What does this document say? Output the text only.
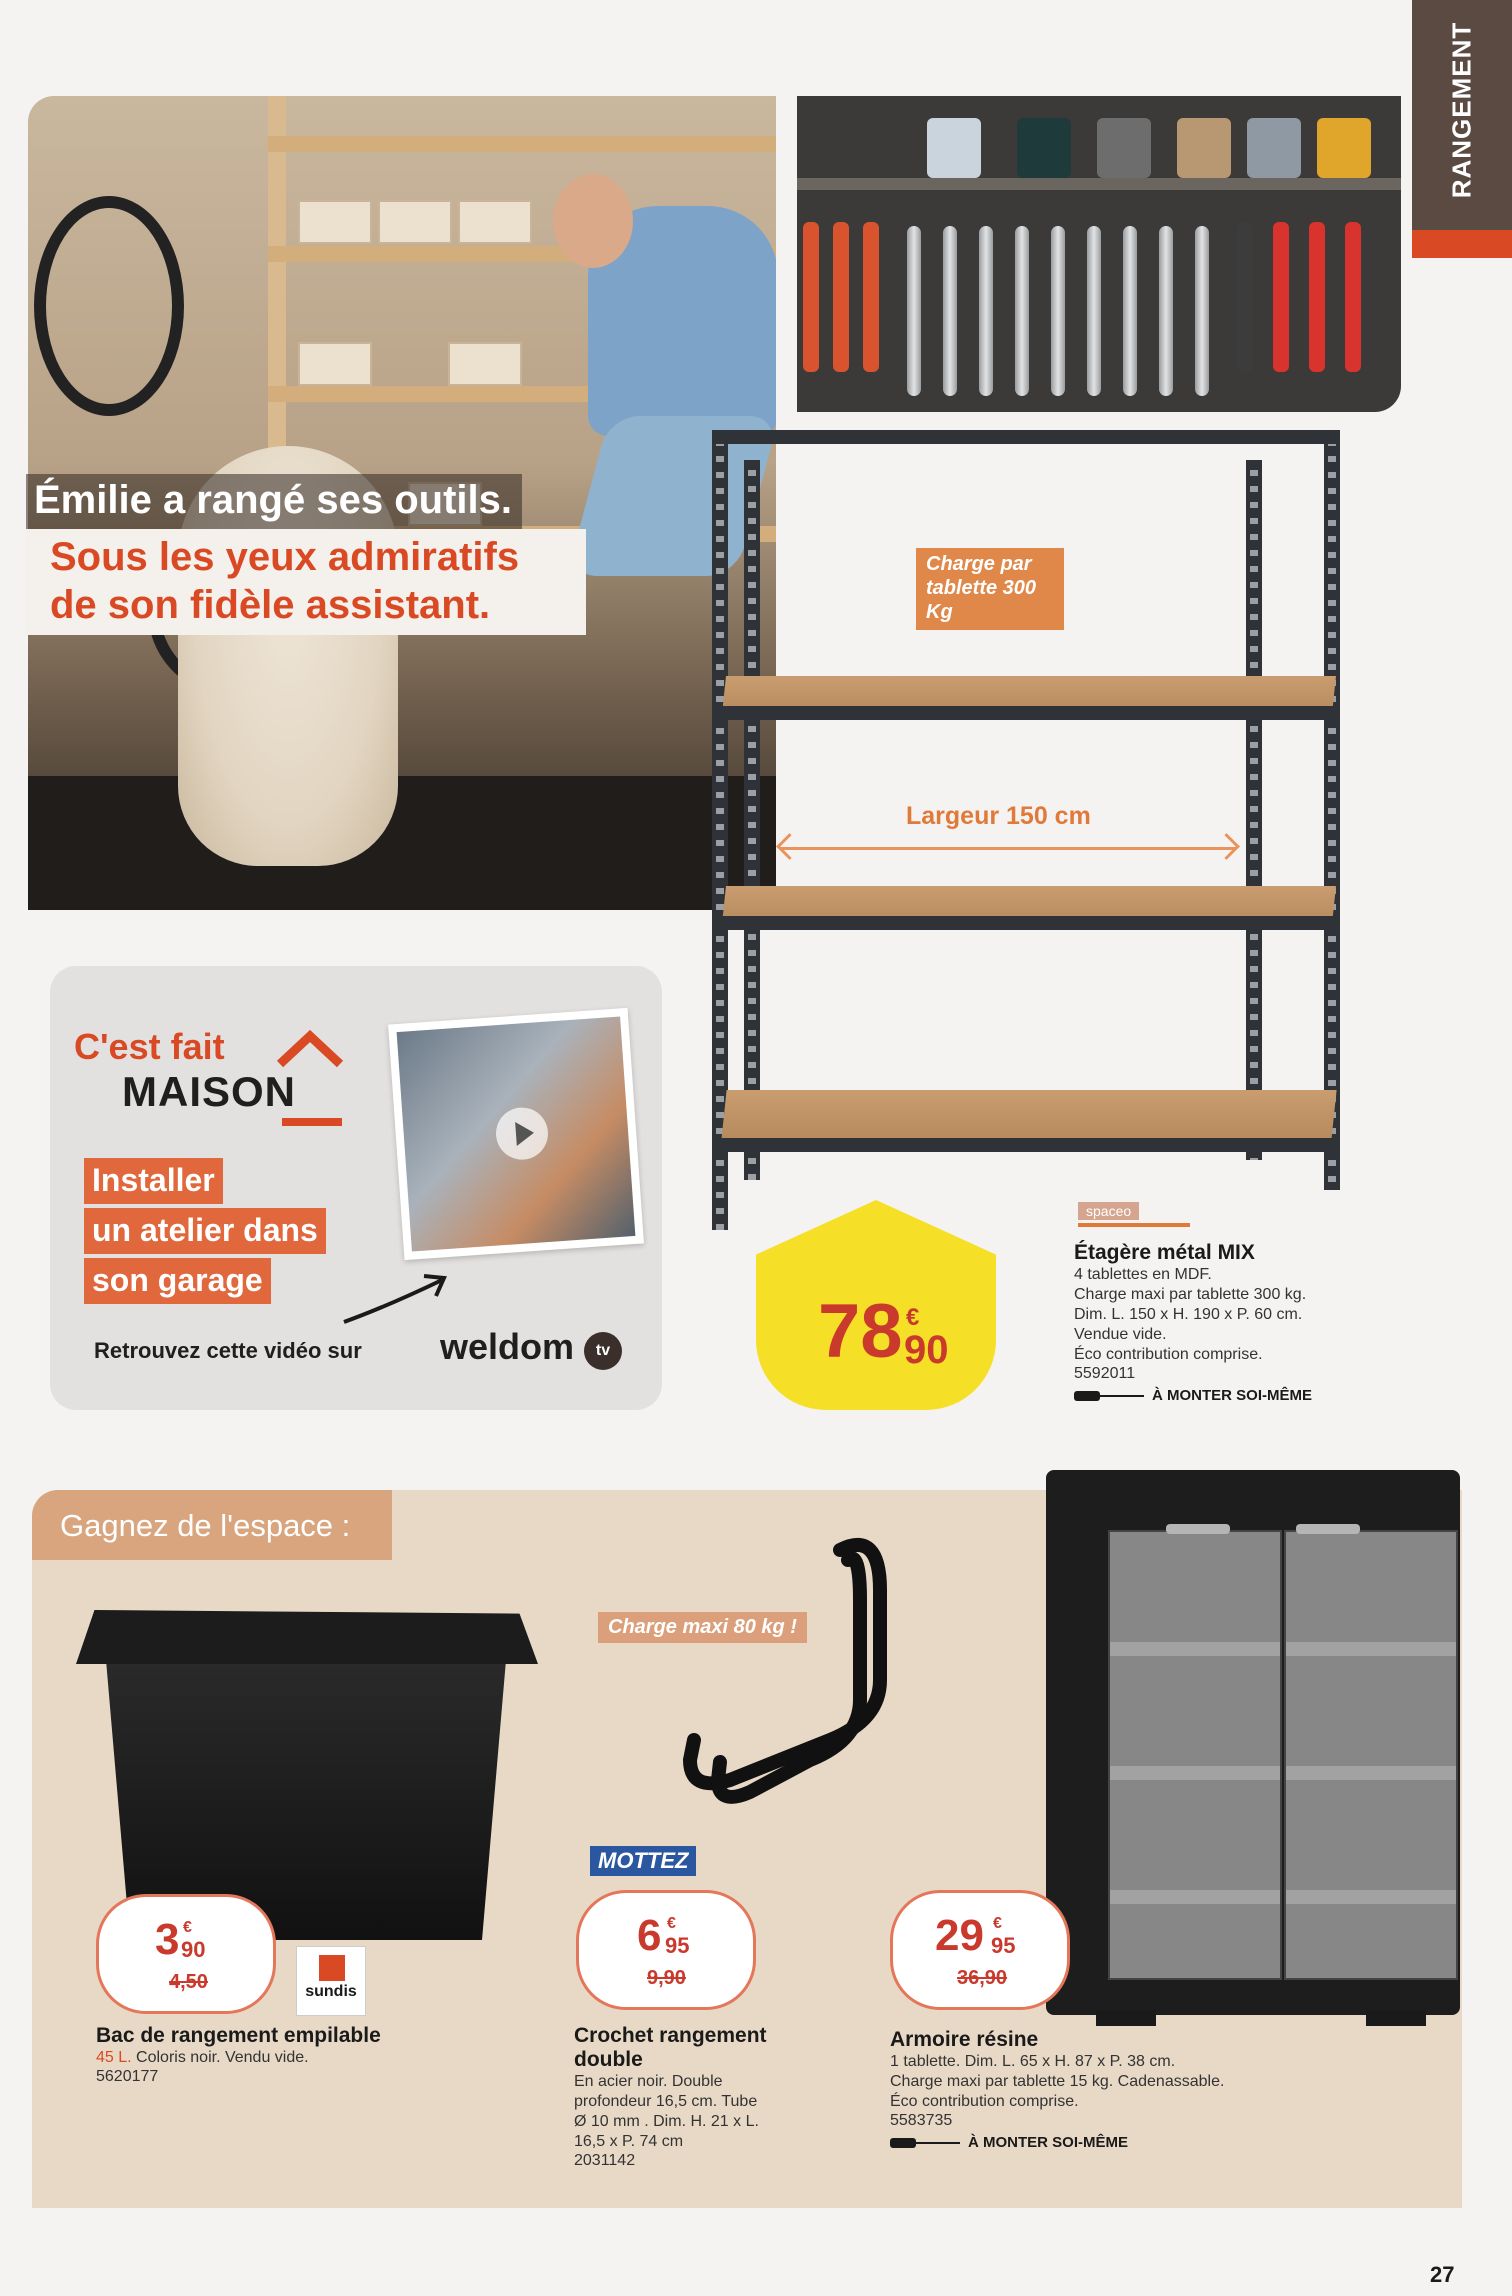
RANGEMENT
Émilie a rangé ses outils.
Sous les yeux admiratifs de son fidèle assistant.
Charge par tablette 300 Kg
Largeur 150 cm
C'est fait
MAISON
Installer
un atelier dans
son garage
Retrouvez cette vidéo sur weldom	tv	78 €
90
spaceo
Étagère métal MIX
4 tablettes en MDF.
Charge maxi par tablette 300 kg.
Dim. L. 150 x H. 190 x P. 60 cm.
Vendue vide.
Éco contribution comprise.
5592011
À MONTER SOI-MÊME
Gagnez de l'espace :
Charge maxi 80 kg !
MOTTEZ
3 €
90
4,50	sundis
6 €
95
9,90
29 €
95
36,90
Bac de rangement empilable
45 L. Coloris noir. Vendu vide.
5620177
Crochet rangement double
En acier noir. Double
profondeur 16,5 cm. Tube
Ø 10 mm . Dim. H. 21 x L.
16,5 x P. 74 cm
2031142
Armoire résine
1 tablette. Dim. L. 65 x H. 87 x P. 38 cm.
Charge maxi par tablette 15 kg. Cadenassable.
Éco contribution comprise.
5583735
À MONTER SOI-MÊME
27
